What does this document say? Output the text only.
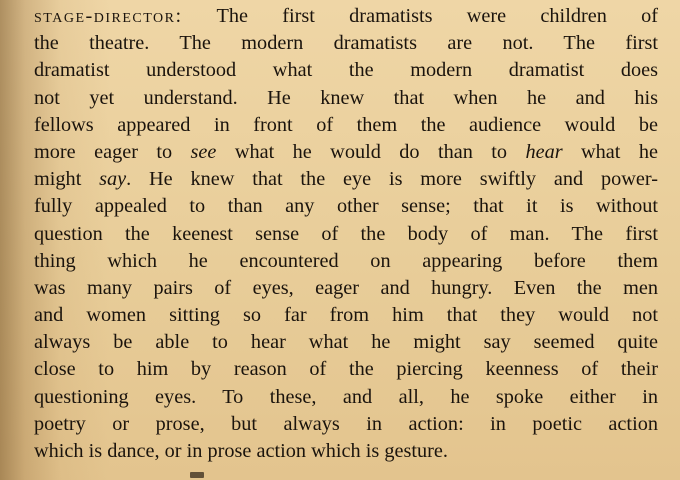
stage-director: The first dramatists were children of
the theatre. The modern dramatists are not. The first
dramatist understood what the modern dramatist does
not yet understand. He knew that when he and his
fellows appeared in front of them the audience would be
more eager to see what he would do than to hear what he
might say. He knew that the eye is more swiftly and power-
fully appealed to than any other sense; that it is without
question the keenest sense of the body of man. The first
thing which he encountered on appearing before them
was many pairs of eyes, eager and hungry. Even the men
and women sitting so far from him that they would not
always be able to hear what he might say seemed quite
close to him by reason of the piercing keenness of their
questioning eyes. To these, and all, he spoke either in
poetry or prose, but always in action: in poetic action
which is dance, or in prose action which is gesture.
